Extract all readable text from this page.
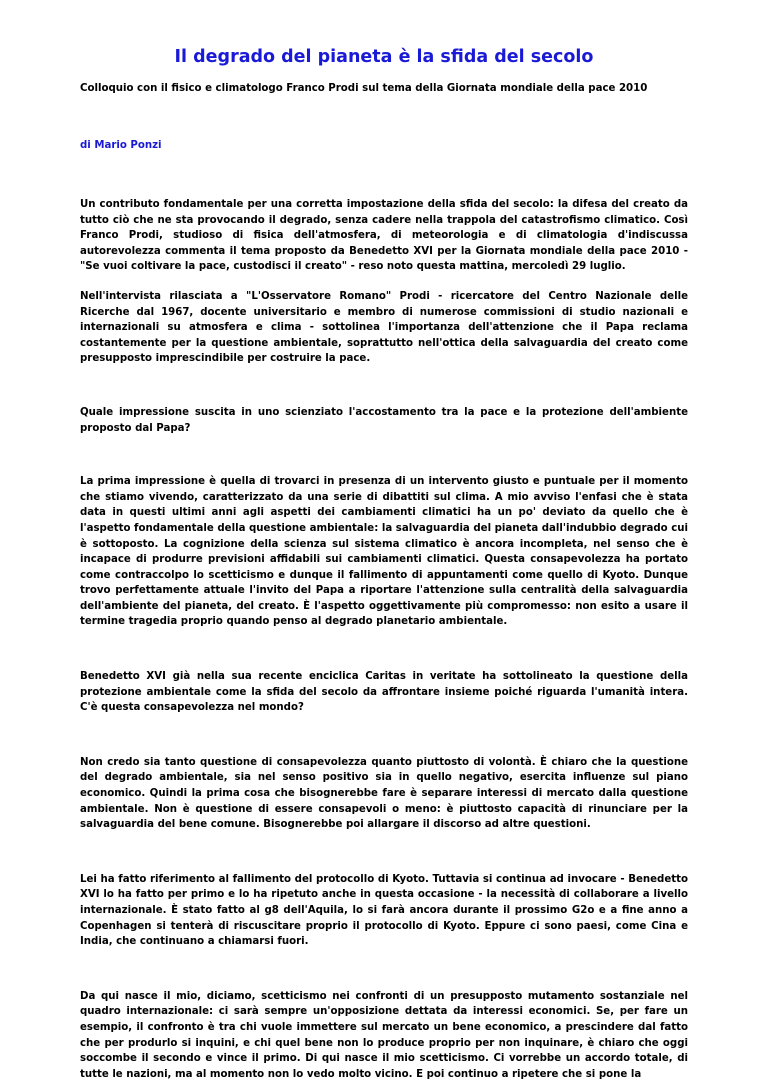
Il degrado del pianeta è la sfida del secolo

Colloquio con il fisico e climatologo Franco Prodi sul tema della Giornata mondiale della pace 2010

di Mario Ponzi

Un contributo fondamentale per una corretta impostazione della sfida del secolo: la difesa del creato da tutto ciò che ne sta provocando il degrado, senza cadere nella trappola del catastrofismo climatico. Così Franco Prodi, studioso di fisica dell'atmosfera, di meteorologia e di climatologia d'indiscussa autorevolezza commenta il tema proposto da Benedetto XVI per la Giornata mondiale della pace 2010 - "Se vuoi coltivare la pace, custodisci il creato" - reso noto questa mattina, mercoledì 29 luglio.

Nell'intervista rilasciata a "L'Osservatore Romano" Prodi - ricercatore del Centro Nazionale delle Ricerche dal 1967, docente universitario e membro di numerose commissioni di studio nazionali e internazionali su atmosfera e clima - sottolinea l'importanza dell'attenzione che il Papa reclama costantemente per la questione ambientale, soprattutto nell'ottica della salvaguardia del creato come presupposto imprescindibile per costruire la pace.

Quale impressione suscita in uno scienziato l'accostamento tra la pace e la protezione dell'ambiente proposto dal Papa?

La prima impressione è quella di trovarci in presenza di un intervento giusto e puntuale per il momento che stiamo vivendo, caratterizzato da una serie di dibattiti sul clima. A mio avviso l'enfasi che è stata data in questi ultimi anni agli aspetti dei cambiamenti climatici ha un po' deviato da quello che è l'aspetto fondamentale della questione ambientale: la salvaguardia del pianeta dall'indubbio degrado cui è sottoposto. La cognizione della scienza sul sistema climatico è ancora incompleta, nel senso che è incapace di produrre previsioni affidabili sui cambiamenti climatici. Questa consapevolezza ha portato come contraccolpo lo scetticismo e dunque il fallimento di appuntamenti come quello di Kyoto. Dunque trovo perfettamente attuale l'invito del Papa a riportare l'attenzione sulla centralità della salvaguardia dell'ambiente del pianeta, del creato. È l'aspetto oggettivamente più compromesso: non esito a usare il termine tragedia proprio quando penso al degrado planetario ambientale.

Benedetto XVI già nella sua recente enciclica Caritas in veritate ha sottolineato la questione della protezione ambientale come la sfida del secolo da affrontare insieme poiché riguarda l'umanità intera. C'è questa consapevolezza nel mondo?

Non credo sia tanto questione di consapevolezza quanto piuttosto di volontà. È chiaro che la questione del degrado ambientale, sia nel senso positivo sia in quello negativo, esercita influenze sul piano economico. Quindi la prima cosa che bisognerebbe fare è separare interessi di mercato dalla questione ambientale. Non è questione di essere consapevoli o meno: è piuttosto capacità di rinunciare per la salvaguardia del bene comune. Bisognerebbe poi allargare il discorso ad altre questioni.

Lei ha fatto riferimento al fallimento del protocollo di Kyoto. Tuttavia si continua ad invocare - Benedetto XVI lo ha fatto per primo e lo ha ripetuto anche in questa occasione - la necessità di collaborare a livello internazionale. È stato fatto al g8 dell'Aquila, lo si farà ancora durante il prossimo G2o e a fine anno a Copenhagen si tenterà di riscuscitare proprio il protocollo di Kyoto. Eppure ci sono paesi, come Cina e India, che continuano a chiamarsi fuori.

Da qui nasce il mio, diciamo, scetticismo nei confronti di un presupposto mutamento sostanziale nel quadro internazionale: ci sarà sempre un'opposizione dettata da interessi economici. Se, per fare un esempio, il confronto è tra chi vuole immettere sul mercato un bene economico, a prescindere dal fatto che per produrlo si inquini, e chi quel bene non lo produce proprio per non inquinare, è chiaro che oggi soccombe il secondo e vince il primo. Di qui nasce il mio scetticismo. Ci vorrebbe un accordo totale, di tutte le nazioni, ma al momento non lo vedo molto vicino. E poi continuo a ripetere che si pone la
